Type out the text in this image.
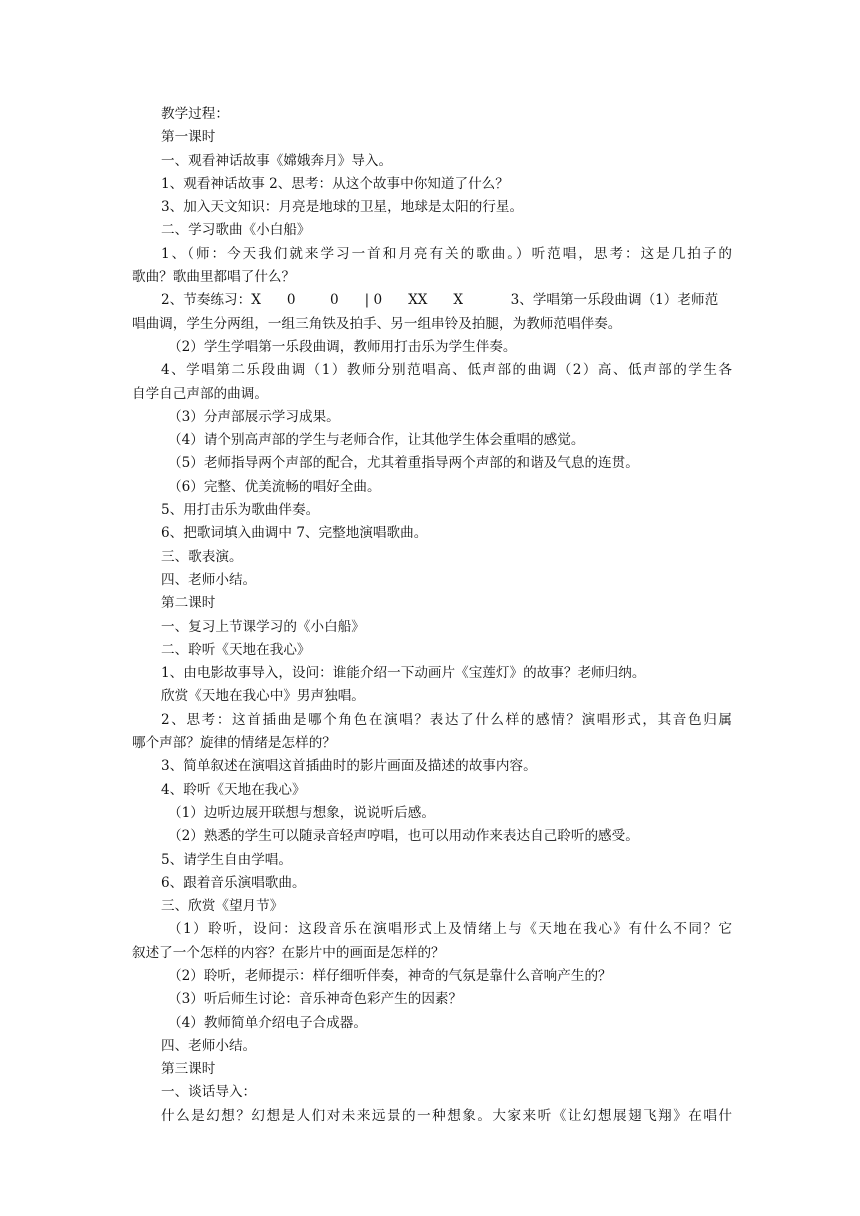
教学过程：
第一课时
一、观看神话故事《嫦娥奔月》导入。
1、观看神话故事 2、思考：从这个故事中你知道了什么？
3、加入天文知识：月亮是地球的卫星，地球是太阳的行星。
二、学习歌曲《小白船》
1、（师：今天我们就来学习一首和月亮有关的歌曲。）听范唱，思考：这是几拍子的
歌曲？歌曲里都唱了什么？
2、节奏练习：X      0        0      | 0      XX      X           3、学唱第一乐段曲调（1）老师范
唱曲调，学生分两组，一组三角铁及拍手、另一组串铃及拍腿，为教师范唱伴奏。
（2）学生学唱第一乐段曲调，教师用打击乐为学生伴奏。
4、学唱第二乐段曲调（1）教师分别范唱高、低声部的曲调（2）高、低声部的学生各
自学自己声部的曲调。
（3）分声部展示学习成果。
（4）请个别高声部的学生与老师合作，让其他学生体会重唱的感觉。
（5）老师指导两个声部的配合，尤其着重指导两个声部的和谐及气息的连贯。
（6）完整、优美流畅的唱好全曲。
5、用打击乐为歌曲伴奏。
6、把歌词填入曲调中 7、完整地演唱歌曲。
三、歌表演。
四、老师小结。
第二课时
一、复习上节课学习的《小白船》
二、聆听《天地在我心》
1、由电影故事导入，设问：谁能介绍一下动画片《宝莲灯》的故事？老师归纳。
欣赏《天地在我心中》男声独唱。
2、思考：这首插曲是哪个角色在演唱？表达了什么样的感情？演唱形式，其音色归属
哪个声部？旋律的情绪是怎样的？
3、简单叙述在演唱这首插曲时的影片画面及描述的故事内容。
4、聆听《天地在我心》
（1）边听边展开联想与想象，说说听后感。
（2）熟悉的学生可以随录音轻声哼唱，也可以用动作来表达自己聆听的感受。
5、请学生自由学唱。
6、跟着音乐演唱歌曲。
三、欣赏《望月节》
（1）聆听，设问：这段音乐在演唱形式上及情绪上与《天地在我心》有什么不同？它
叙述了一个怎样的内容？在影片中的画面是怎样的？
（2）聆听，老师提示：样仔细听伴奏，神奇的气氛是靠什么音响产生的？
（3）听后师生讨论：音乐神奇色彩产生的因素？
（4）教师简单介绍电子合成器。
四、老师小结。
第三课时
一、谈话导入：
什么是幻想？幻想是人们对未来远景的一种想象。大家来听《让幻想展翅飞翔》在唱什
